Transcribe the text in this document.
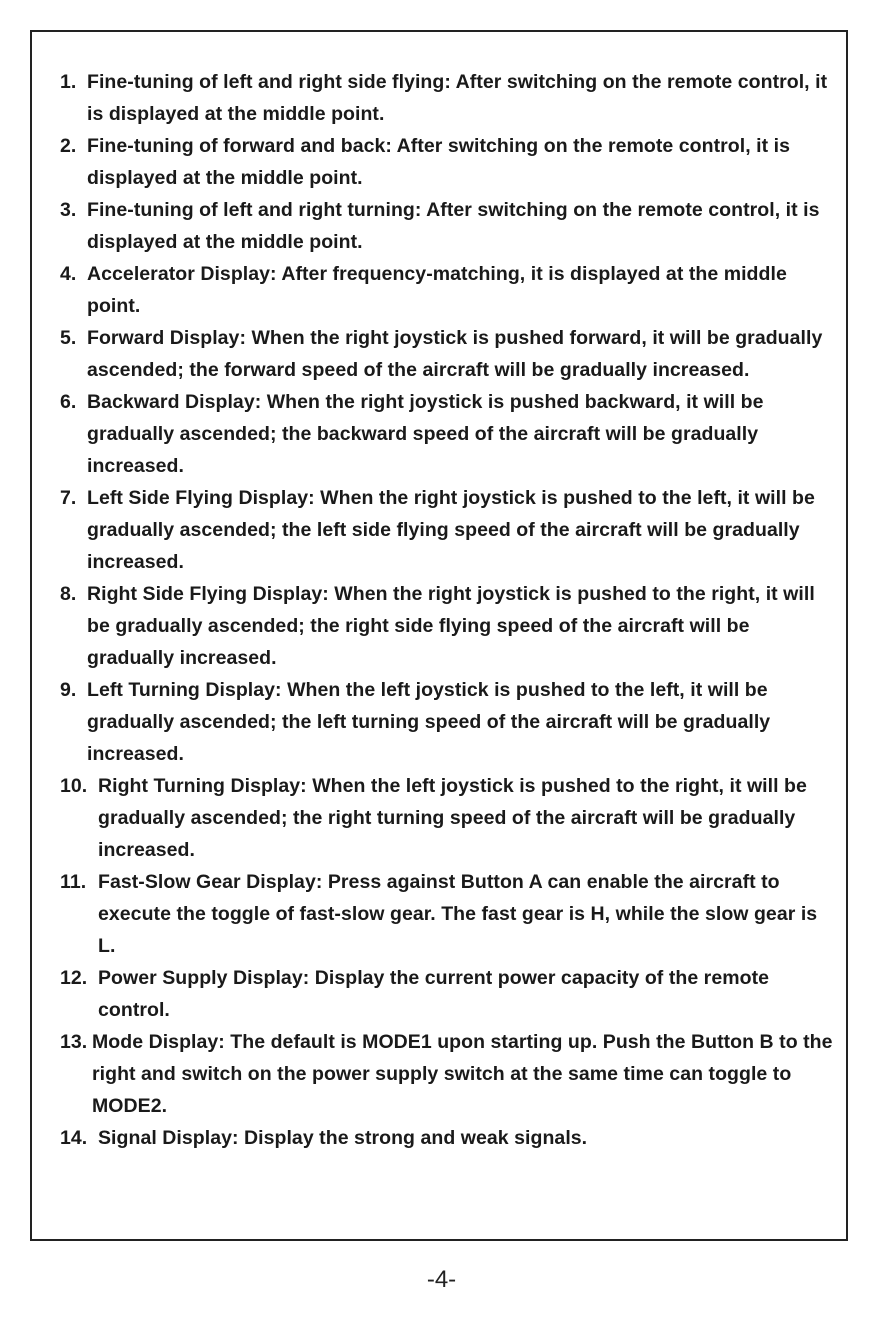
1. Fine-tuning of left and right side flying: After switching on the remote control, it is displayed at the middle point.
2. Fine-tuning of forward and back: After switching on the remote control, it is displayed at the middle point.
3. Fine-tuning of left and right turning: After switching on the remote control, it is displayed at the middle point.
4. Accelerator Display: After frequency-matching, it is displayed at the middle point.
5. Forward Display: When the right joystick is pushed forward, it will be gradually ascended; the forward speed of the aircraft will be gradually increased.
6. Backward Display: When the right joystick is pushed backward, it will be gradually ascended; the backward speed of the aircraft will be gradually increased.
7. Left Side Flying Display: When the right joystick is pushed to the left, it will be gradually ascended; the left side flying speed of the aircraft will be gradually increased.
8. Right Side Flying Display: When the right joystick is pushed to the right, it will be gradually ascended; the right side flying speed of the aircraft will be gradually increased.
9. Left Turning Display: When the left joystick is pushed to the left, it will be gradually ascended; the left turning speed of the aircraft will be gradually increased.
10. Right Turning Display: When the left joystick is pushed to the right, it will be gradually ascended; the right turning speed of the aircraft will be gradually increased.
11. Fast-Slow Gear Display: Press against Button A can enable the aircraft to execute the toggle of fast-slow gear. The fast gear is H, while the slow gear is L.
12. Power Supply Display: Display the current power capacity of the remote control.
13. Mode Display: The default is MODE1 upon starting up. Push the Button B to the right and switch on the power supply switch at the same time can toggle to MODE2.
14. Signal Display: Display the strong and weak signals.
-4-
